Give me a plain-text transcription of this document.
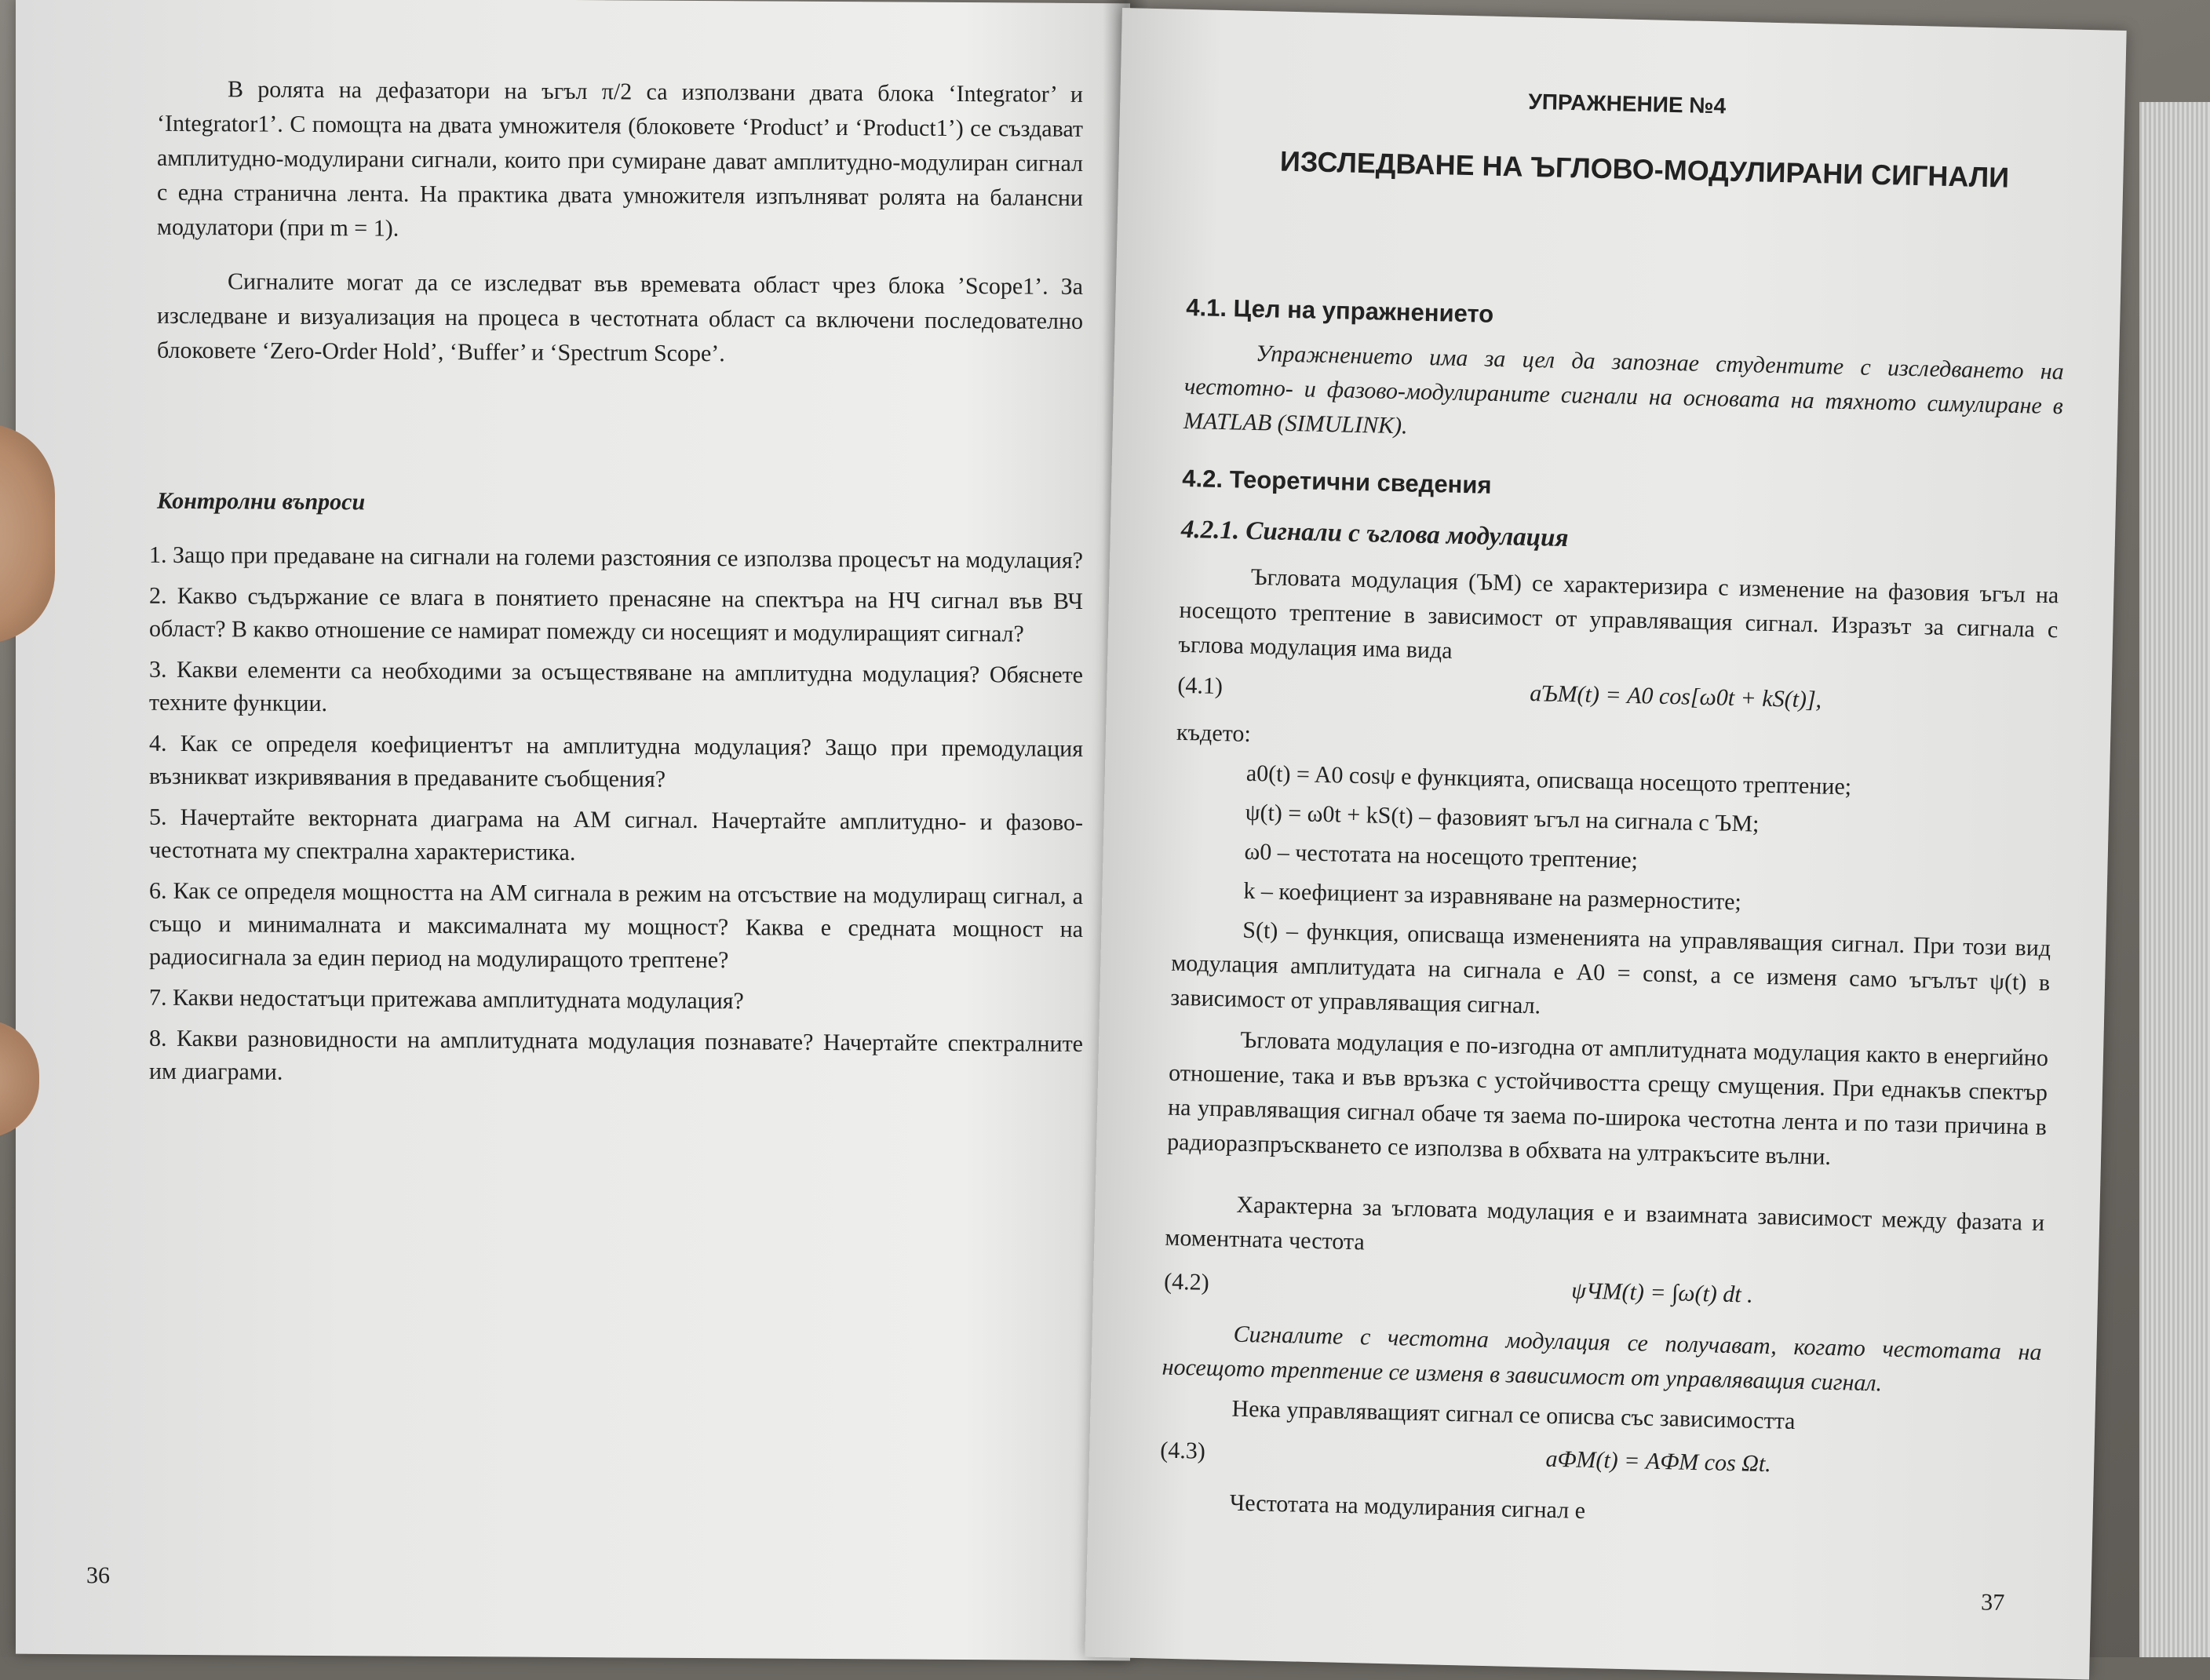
В ролята на дефазатори на ъгъл π/2 са използвани двата блока ‘Integrator’ и ‘Integrator1’. С помощта на двата умножителя (блоковете ‘Product’ и ‘Product1’) се създават амплитудно-модулирани сигнали, които при сумиране дават амплитудно-модулиран сигнал с една странична лента. На практика двата умножителя изпълняват ролята на балансни модулатори (при m = 1).
Сигналите могат да се изследват във времевата област чрез блока ’Scope1’. За изследване и визуализация на процеса в честотната област са включени последователно блоковете ‘Zero-Order Hold’, ‘Buffer’ и ‘Spectrum Scope’.
Контролни въпроси

1. Защо при предаване на сигнали на големи разстояния се използва процесът на модулация?

2. Какво съдържание се влага в понятието пренасяне на спектъра на НЧ сигнал във ВЧ област? В какво отношение се намират помежду си носещият и модулиращият сигнал?

3. Какви елементи са необходими за осъществяване на амплитудна модулация? Обяснете техните функции.

4. Как се определя коефициентът на амплитудна модулация? Защо при премодулация възникват изкривявания в предаваните съобщения?

5. Начертайте векторната диаграма на АМ сигнал. Начертайте амплитудно- и фазово-честотната му спектрална характеристика.

6. Как се определя мощността на АМ сигнала в режим на отсъствие на модулиращ сигнал, а също и минималната и максималната му мощност? Каква е средната мощност на радиосигнала за един период на модулиращото трептене?

7. Какви недостатъци притежава амплитудната модулация?

8. Какви разновидности на амплитудната модулация познавате? Начертайте спектралните им диаграми.

36
УПРАЖНЕНИЕ №4
ИЗСЛЕДВАНЕ НА ЪГЛОВО-МОДУЛИРАНИ СИГНАЛИ
4.1. Цел на упражнението
Упражнението има за цел да запознае студентите с изследването на честотно- и фазово-модулираните сигнали на основата на тяхното симулиране в MATLAB (SIMULINK).
4.2. Теоретични сведения
4.2.1. Сигнали с ъглова модулация
Ъгловата модулация (ЪМ) се характеризира с изменение на фазовия ъгъл на носещото трептение в зависимост от управляващия сигнал. Изразът за сигнала с ъглова модулация има вида
(4.1)	aЪМ(t) = A0 cos[ω0t + kS(t)],
където:
a0(t) = A0 cosψ е функцията, описваща носещото трептение;
ψ(t) = ω0t + kS(t) – фазовият ъгъл на сигнала с ЪМ;
ω0 – честотата на носещото трептение;
k – коефициент за изравняване на размерностите;
S(t) – функция, описваща измененията на управляващия сигнал. При този вид модулация амплитудата на сигнала е A0 = const, а се изменя само ъгълът ψ(t) в зависимост от управляващия сигнал.
Ъгловата модулация е по-изгодна от амплитудната модулация както в енергийно отношение, така и във връзка с устойчивостта срещу смущения. При еднакъв спектър на управляващия сигнал обаче тя заема по-широка честотна лента и по тази причина в радиоразпръскването се използва в обхвата на ултракъсите вълни.
Характерна за ъгловата модулация е и взаимната зависимост между фазата и моментната честота
(4.2)	ψЧМ(t) = ∫ω(t) dt .
Сигналите с честотна модулация се получават, когато честотата на носещото трептение се изменя в зависимост от управляващия сигнал.
Нека управляващият сигнал се описва със зависимостта
(4.3)	aФМ(t) = AФМ cos Ωt.
Честотата на модулирания сигнал е
37
